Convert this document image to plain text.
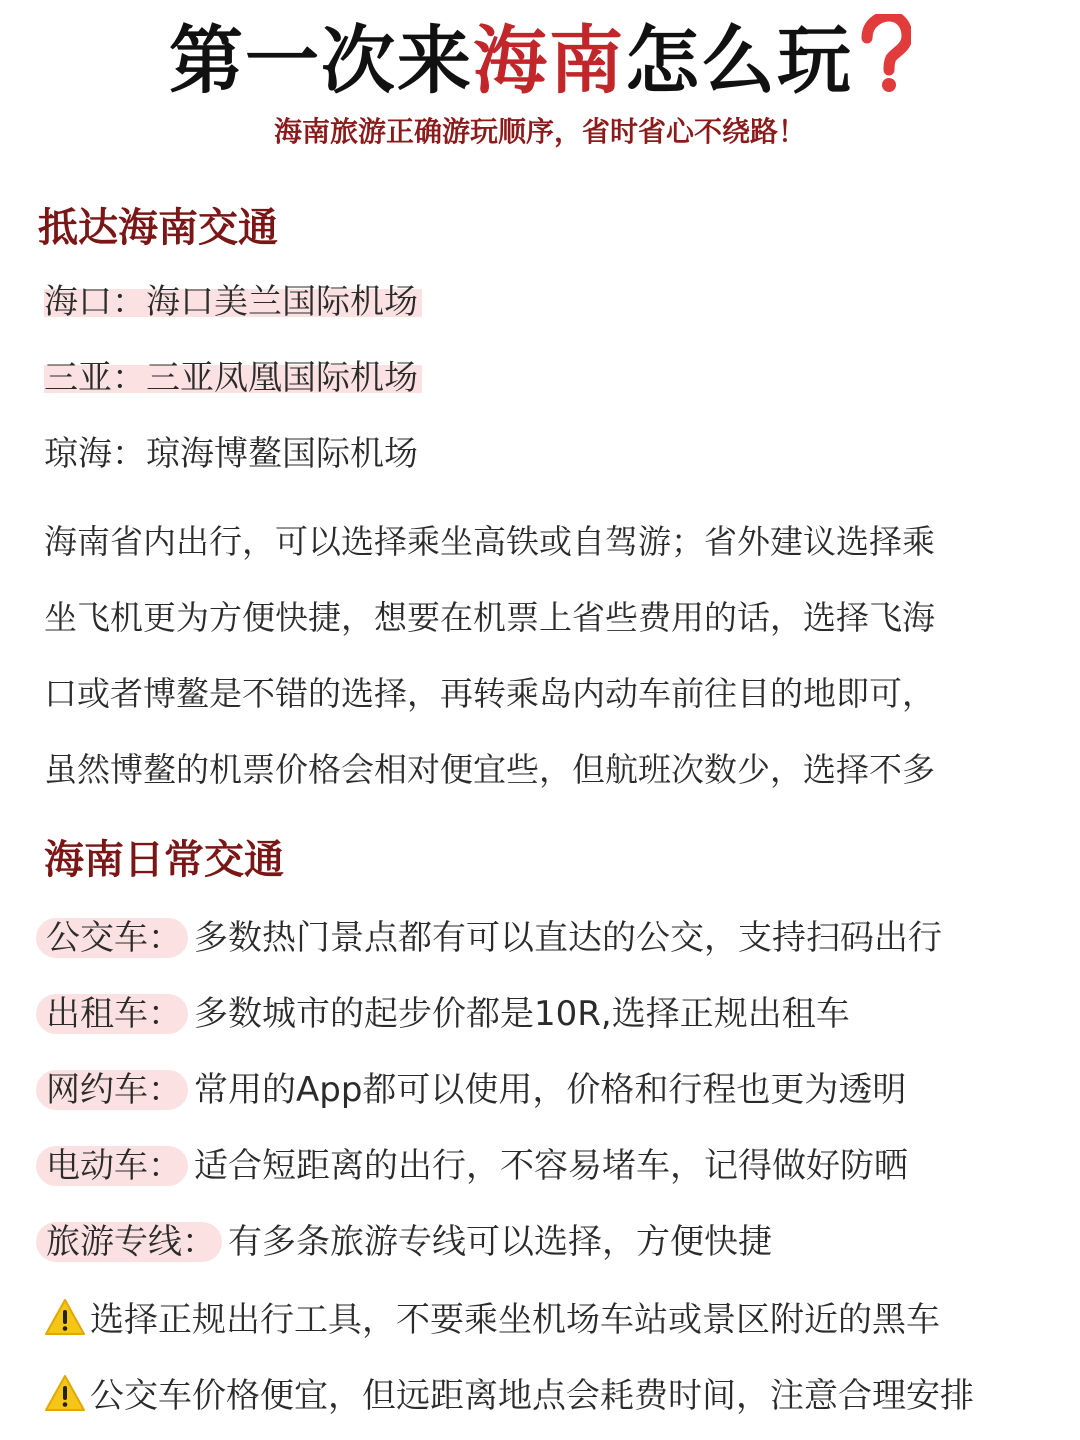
第一次来海南怎么玩
海南旅游正确游玩顺序，省时省心不绕路！
抵达海南交通
海口：海口美兰国际机场
三亚：三亚凤凰国际机场
琼海：琼海博鳌国际机场
海南省内出行，可以选择乘坐高铁或自驾游；省外建议选择乘
坐飞机更为方便快捷，想要在机票上省些费用的话，选择飞海
口或者博鳌是不错的选择，再转乘岛内动车前往目的地即可，
虽然博鳌的机票价格会相对便宜些，但航班次数少，选择不多
海南日常交通
公交车： 多数热门景点都有可以直达的公交，支持扫码出行
出租车： 多数城市的起步价都是10R,选择正规出租车
网约车： 常用的App都可以使用，价格和行程也更为透明
电动车： 适合短距离的出行，不容易堵车，记得做好防晒
旅游专线： 有多条旅游专线可以选择，方便快捷
选择正规出行工具，不要乘坐机场车站或景区附近的黑车
公交车价格便宜，但远距离地点会耗费时间，注意合理安排
